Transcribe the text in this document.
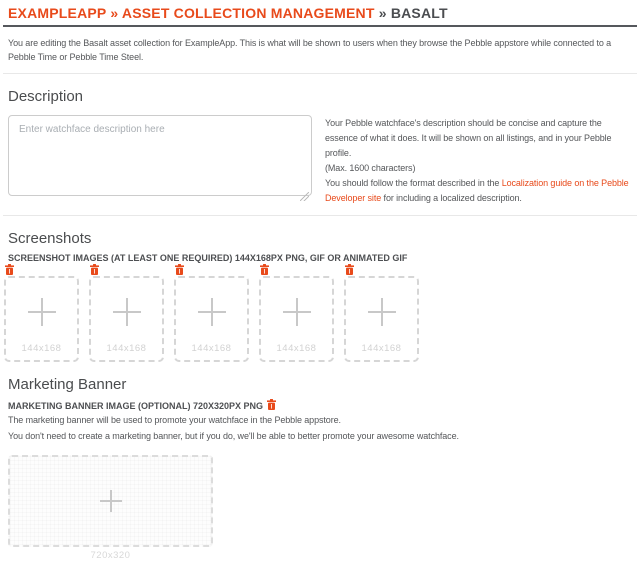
EXAMPLEAPP » ASSET COLLECTION MANAGEMENT » BASALT

You are editing the Basalt asset collection for ExampleApp. This is what will be shown to users when they browse the Pebble appstore while connected to a Pebble Time or Pebble Time Steel.

Description
Enter watchface description here
Your Pebble watchface's description should be concise and capture the essence of what it does. It will be shown on all listings, and in your Pebble profile.
(Max. 1600 characters)
You should follow the format described in the Localization guide on the Pebble Developer site for including a localized description.
Screenshots
SCREENSHOT IMAGES (AT LEAST ONE REQUIRED) 144X168PX PNG, GIF OR ANIMATED GIF
144x168	144x168	144x168	144x168	144x168
Marketing Banner
MARKETING BANNER IMAGE (OPTIONAL) 720X320PX PNG

The marketing banner will be used to promote your watchface in the Pebble appstore.

You don't need to create a marketing banner, but if you do, we'll be able to better promote your awesome watchface.

720x320
